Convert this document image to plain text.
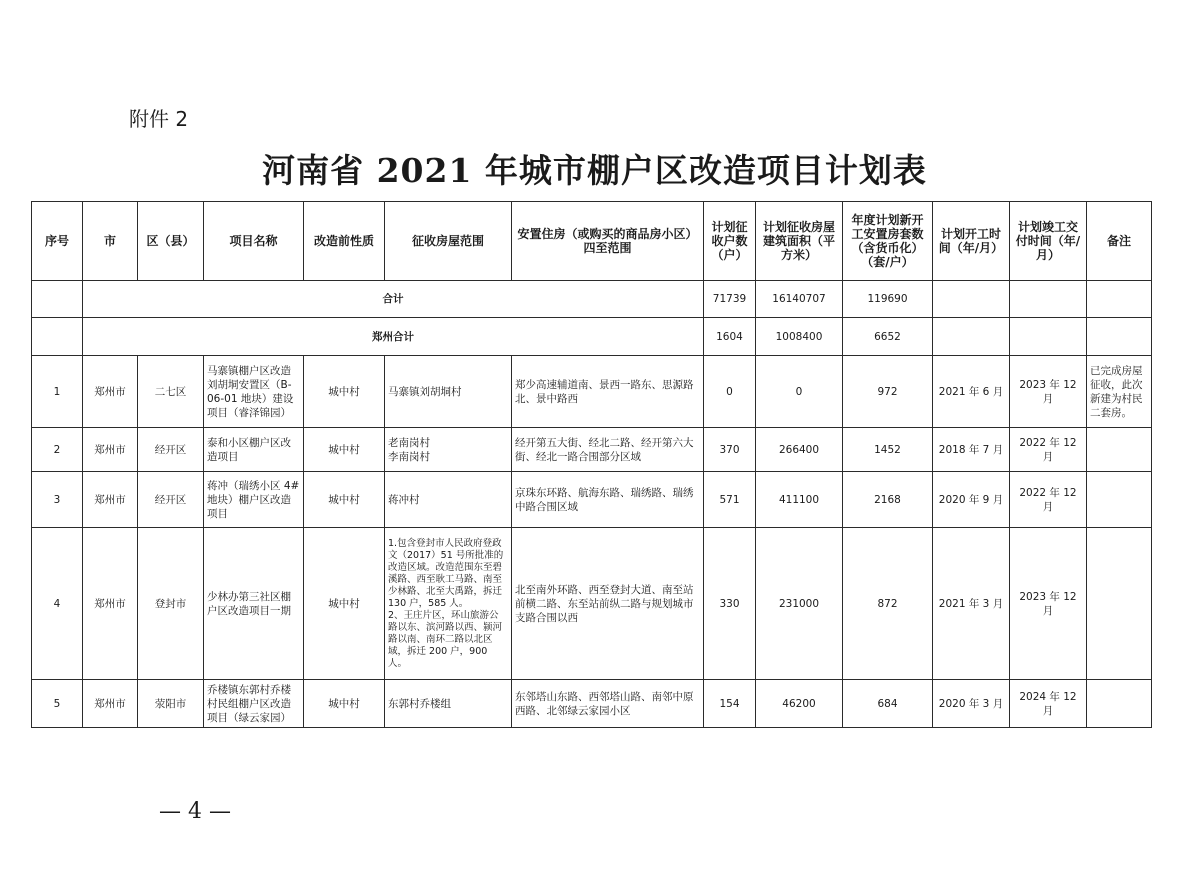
附件 2
河南省 2021 年城市棚户区改造项目计划表
序号	市	区（县）	项目名称	改造前性质	征收房屋范围	安置住房（或购买的商品房小区）四至范围	计划征收户数（户）	计划征收房屋建筑面积（平方米）	年度计划新开工安置房套数（含货币化）（套/户）	计划开工时间（年/月）	计划竣工交付时间（年/月）	备注
	合计						71739	16140707	119690			
	郑州合计						1604	1008400	6652			
1	郑州市	二七区	马寨镇棚户区改造刘胡垌安置区（B-06-01 地块）建设项目（睿泽锦园）	城中村	马寨镇刘胡垌村	郑少高速辅道南、景西一路东、思源路北、景中路西	0	0	972	2021 年 6 月	2023 年 12 月	已完成房屋征收，此次新建为村民二套房。
2	郑州市	经开区	泰和小区棚户区改造项目	城中村	老南岗村
李南岗村	经开第五大街、经北二路、经开第六大街、经北一路合围部分区域	370	266400	1452	2018 年 7 月	2022 年 12 月	
3	郑州市	经开区	蒋冲（瑞绣小区 4#地块）棚户区改造项目	城中村	蒋冲村	京珠东环路、航海东路、瑞绣路、瑞绣中路合围区域	571	411100	2168	2020 年 9 月	2022 年 12 月	
4	郑州市	登封市	少林办第三社区棚户区改造项目一期	城中村	1.包含登封市人民政府登政文（2017）51 号所批准的改造区域。改造范围东至碧溪路、西至耿工马路、南至少林路、北至大禹路，拆迁 130 户，585 人。
2、王庄片区，环山旅游公路以东、滨河路以西、颍河路以南、南环二路以北区域，拆迁 200 户，900 人。	北至南外环路、西至登封大道、南至站前横二路、东至站前纵二路与规划城市支路合围以西	330	231000	872	2021 年 3 月	2023 年 12 月	
5	郑州市	荥阳市	乔楼镇东郭村乔楼村民组棚户区改造项目（绿云家园）	城中村	东郭村乔楼组	东邻塔山东路、西邻塔山路、南邻中原西路、北邻绿云家园小区	154	46200	684	2020 年 3 月	2024 年 12 月	
— 4 —
